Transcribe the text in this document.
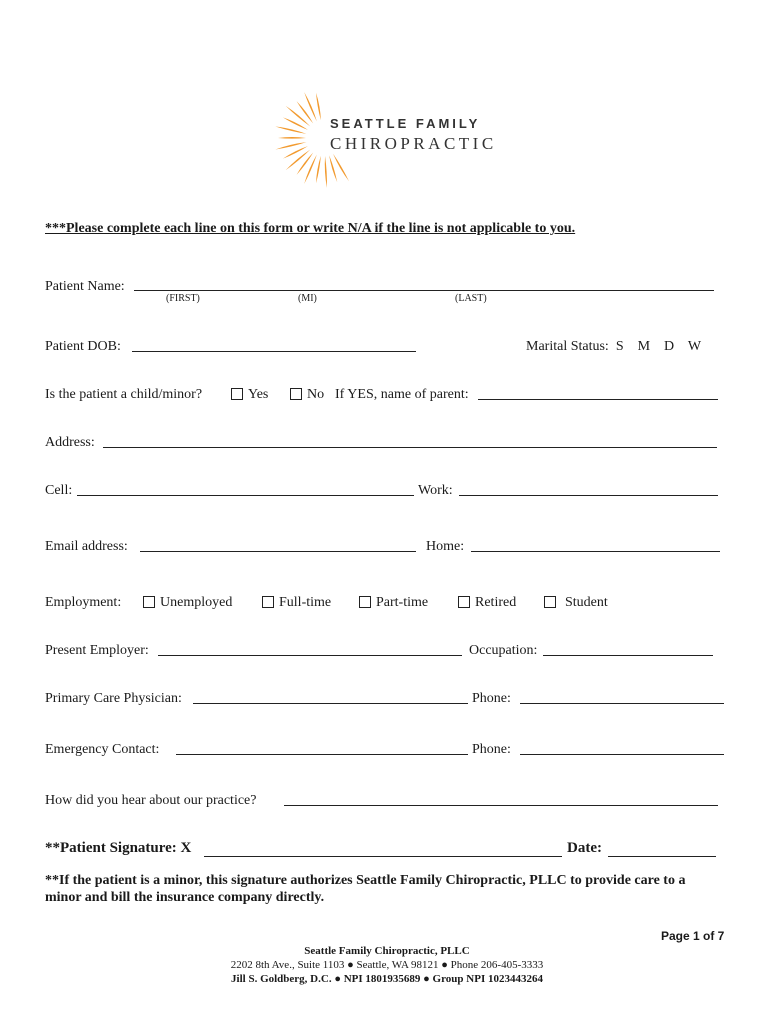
SEATTLE FAMILY
CHIROPRACTIC
***Please complete each line on this form or write N/A if the line is not applicable to you.
Patient Name:
(FIRST)	(MI)	(LAST)
Patient DOB:	Marital Status:  S    M    D    W
Is the patient a child/minor?	Yes	No If YES, name of parent:
Address:
Cell:	Work:
Email address:	Home:
Employment:	Unemployed	Full-time	Part-time	Retired	Student
Present Employer:	Occupation:
Primary Care Physician:	Phone:
Emergency Contact:	Phone:
How did you hear about our practice?
**Patient Signature: X	Date:
**If the patient is a minor, this signature authorizes Seattle Family Chiropractic, PLLC to provide care to a minor and bill the insurance company directly.
Page 1 of 7
Seattle Family Chiropractic, PLLC
2202 8th Ave., Suite 1103 ● Seattle, WA 98121 ● Phone 206-405-3333
Jill S. Goldberg, D.C. ● NPI 1801935689 ● Group NPI 1023443264
